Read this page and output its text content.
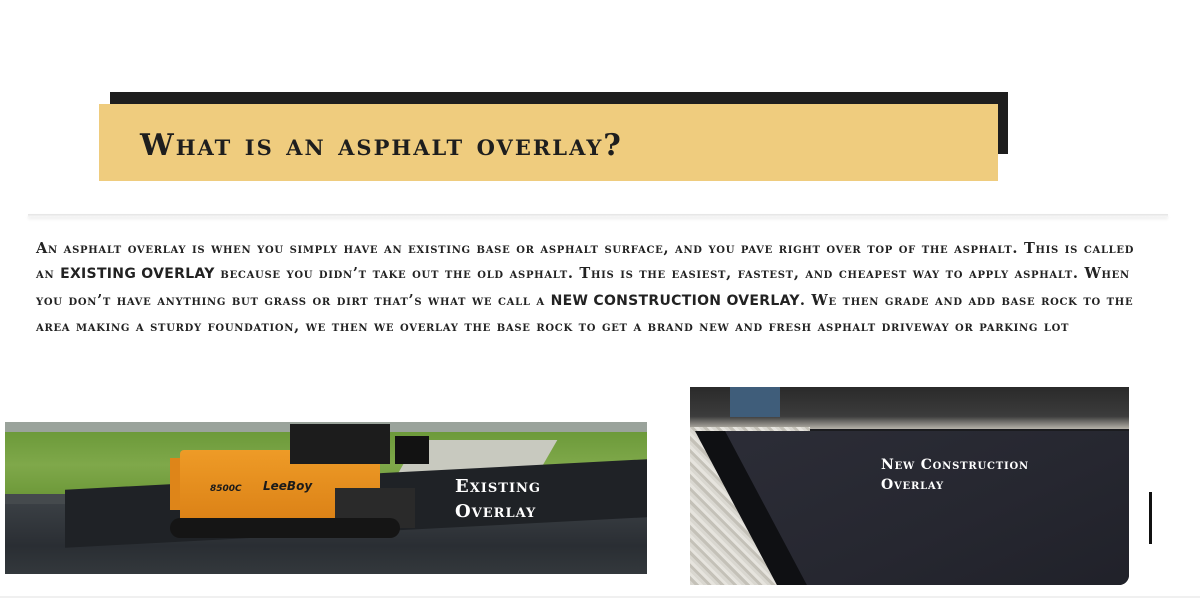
What is an asphalt overlay?
An asphalt overlay is when you simply have an existing base or asphalt surface, and you pave right over top of the asphalt. This is called an EXISTING OVERLAY because you didn’t take out the old asphalt. This is the easiest, fastest, and cheapest way to apply asphalt. When you don’t have anything but grass or dirt that’s what we call a NEW CONSTRUCTION OVERLAY. We then grade and add base rock to the area making a sturdy foundation, we then we overlay the base rock to get a brand new and fresh asphalt driveway or parking lot
8500C LeeBoy	Existing
Overlay
New Construction
Overlay
